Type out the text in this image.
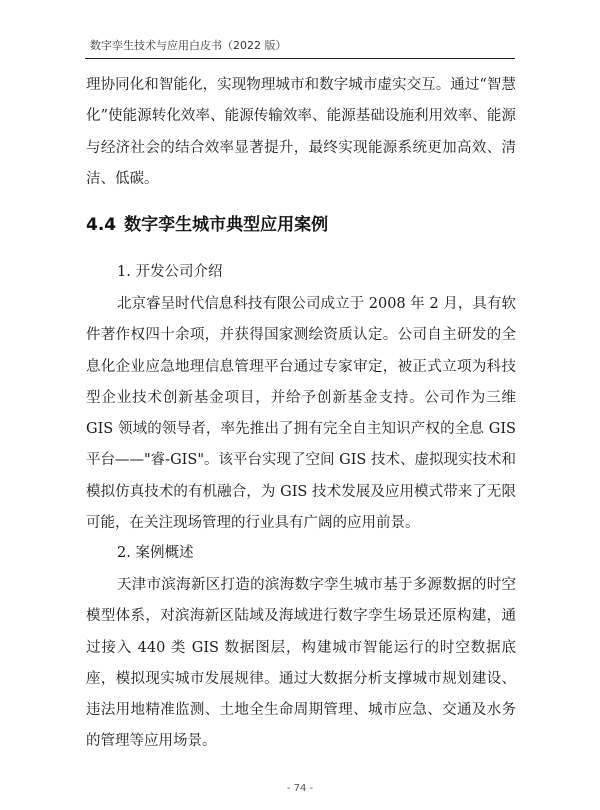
数字孪生技术与应用白皮书（2022 版）

理协同化和智能化，实现物理城市和数字城市虚实交互。通过“智慧化”使能源转化效率、能源传输效率、能源基础设施利用效率、能源与经济社会的结合效率显著提升，最终实现能源系统更加高效、清洁、低碳。

4.4 数字孪生城市典型应用案例

1. 开发公司介绍

北京睿呈时代信息科技有限公司成立于 2008 年 2 月，具有软件著作权四十余项，并获得国家测绘资质认定。公司自主研发的全息化企业应急地理信息管理平台通过专家审定，被正式立项为科技型企业技术创新基金项目，并给予创新基金支持。公司作为三维 GIS 领域的领导者，率先推出了拥有完全自主知识产权的全息 GIS 平台——"睿-GIS"。该平台实现了空间 GIS 技术、虚拟现实技术和模拟仿真技术的有机融合，为 GIS 技术发展及应用模式带来了无限可能，在关注现场管理的行业具有广阔的应用前景。

2. 案例概述

天津市滨海新区打造的滨海数字孪生城市基于多源数据的时空模型体系，对滨海新区陆域及海域进行数字孪生场景还原构建，通过接入 440 类 GIS 数据图层，构建城市智能运行的时空数据底座，模拟现实城市发展规律。通过大数据分析支撑城市规划建设、违法用地精准监测、土地全生命周期管理、城市应急、交通及水务的管理等应用场景。

- 74 -
